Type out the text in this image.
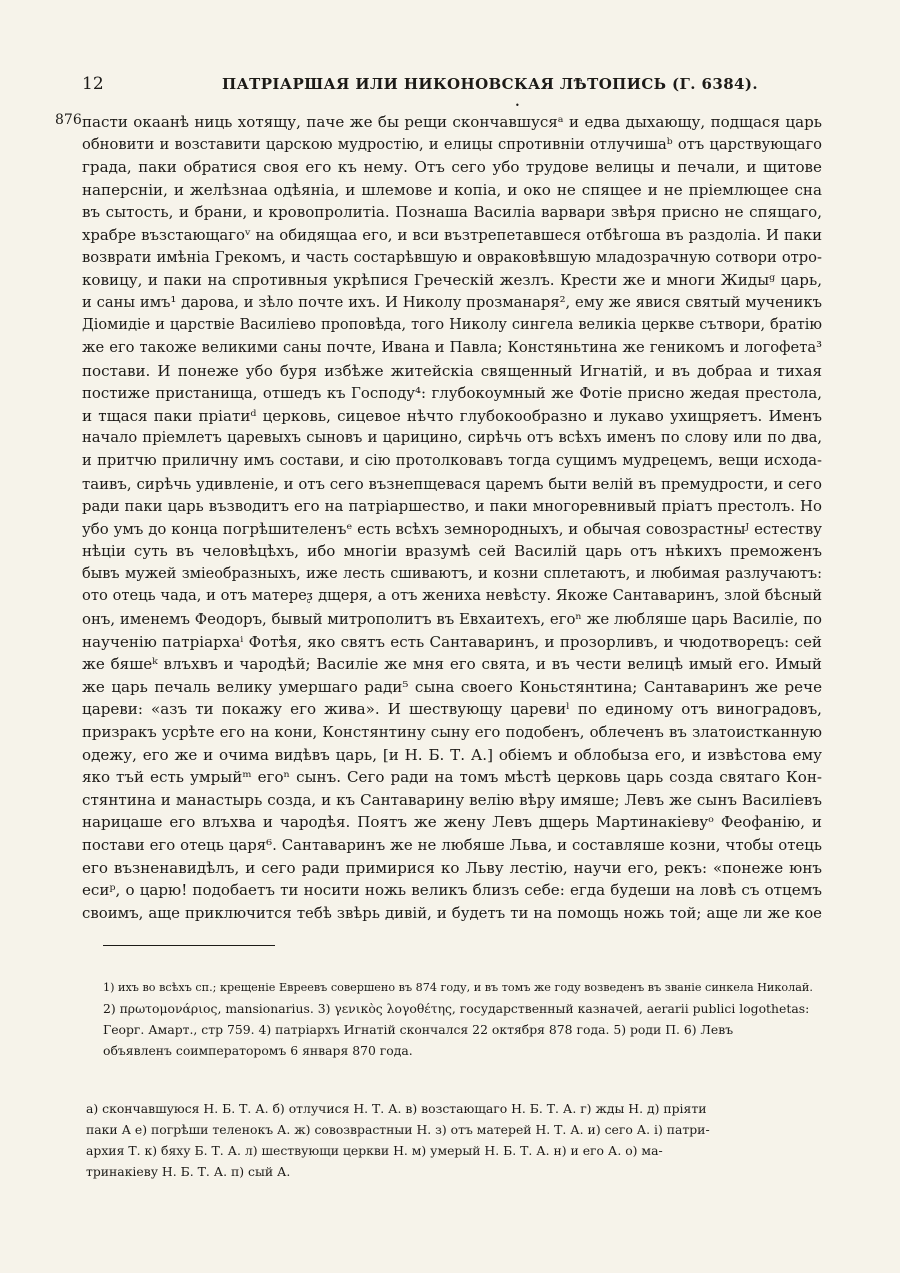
12	ПАТРІАРШАЯ ИЛИ НИКОНОВСКАЯ ЛѢТОПИСЬ (Г. 6384).
•
876 пасти окаанѣ ниць хотящу, паче же бы рещи скончавшусяᵃ и едва дыхающу, подщася царь
обновити и возставити царскою мудростію, и елицы спротивніи отлучишаᵇ отъ царствующаго
града, паки обратися своя его къ нему. Отъ сего убо трудове велицы и печали, и щитове
наперсніи, и желѣзнаа одѣяніа, и шлемове и копіа, и око не спящее и не пріемлющее сна
въ сытость, и брани, и кровопролитіа. Познаша Василіа варвари звѣря присно не спящаго,
храбре възстающагоᵛ на обидящаа его, и вси възтрепетавшеся отбѣгоша въ раздоліа. И паки
возврати имѣніа Грекомъ, и часть состарѣвшую и овраковѣвшую младозрачную сотвори отро-
ковицу, и паки на спротивныя укрѣпися Греческій жезлъ. Крести же и многи Жидыᵍ царь,
и саны имъ¹ дарова, и зѣло почте ихъ. И Николу прозманаря², ему же явися святый мученикъ
Діомидіе и царствіе Василіево проповѣда, того Николу сингела великіа церкве сътвори, братію
же его такоже великими саны почте, Ивана и Павла; Констяньтина же геникомъ и логофета³
постави. И понеже убо буря избѣже житейскіа священный Игнатій, и въ добраа и тихая
постиже пристанища, отшедъ къ Господу⁴: глубокоумный же Фотіе присно жедая престола,
и тщася паки пріатиᵈ церковь, сицевое нѣчто глубокообразно и лукаво ухищряетъ. Именъ
начало пріемлетъ царевыхъ сыновъ и царицино, сирѣчь отъ всѣхъ именъ по слову или по два,
и притчю приличну имъ состави, и сію протолковавъ тогда сущимъ мудрецемъ, вещи исхода-
таивъ, сирѣчь удивленіе, и отъ сего възнепщевася царемъ быти велій въ премудрости, и сего
ради паки царь възводитъ его на патріаршество, и паки многоревнивый пріатъ престолъ. Но
убо умъ до конца погрѣшителенъᵉ есть всѣхъ земнородныхъ, и обычая совозрастныᴶ естеству
нѣціи суть въ человѣцѣхъ, ибо многіи вразумѣ сей Василій царь отъ нѣкихъ преможенъ
бывъ мужей зміеобразныхъ, иже лесть сшиваютъ, и козни сплетаютъ, и любимая разлучаютъ:
ото отець чада, и отъ матереᶚ дщеря, а отъ жениха невѣсту. Якоже Сантаваринъ, злой бѣсный
онъ, именемъ Феодоръ, бывый митрополитъ въ Евхаитехъ, егоⁿ же любляше царь Василіе, по
наученію патріархаⁱ Фотѣя, яко святъ есть Сантаваринъ, и прозорливъ, и чюдотворецъ: сей
же бяшеᵏ влъхвъ и чародѣй; Василіе же мня его свята, и въ чести велицѣ имый его. Имый
же царь печаль велику умершаго ради⁵ сына своего Коньстянтина; Сантаваринъ же рече
цареви: «азъ ти покажу его жива». И шествующу царевиˡ по единому отъ виноградовъ,
призракъ усрѣте его на кони, Констянтину сыну его подобенъ, облеченъ въ златоистканную
одежу, его же и очима видѣвъ царь, [и Н. Б. Т. А.] обіемъ и облобыза его, и извѣстова ему
яко тъй есть умрыйᵐ егоⁿ сынъ. Сего ради на томъ мѣстѣ церковь царь созда святаго Кон-
стянтина и манастырь созда, и къ Сантаварину велію вѣру имяше; Левъ же сынъ Василіевъ
нарицаше его влъхва и чародѣя. Поятъ же жену Левъ дщерь Мартинакіевуᵒ Феофанію, и
постави его отець царя⁶. Сантаваринъ же не любяше Льва, и составляше козни, чтобы отець
его възненавидѣлъ, и сего ради примирися ко Льву лестію, научи его, рекъ: «понеже юнъ
есиᵖ, о царю! подобаетъ ти носити ножь великъ близъ себе: егда будеши на ловѣ съ отцемъ
своимъ, аще приключится тебѣ звѣрь дивій, и будетъ ти на помощь ножь той; аще ли же кое
1) ихъ во всѣхъ сп.; крещеніе Евреевъ совершено въ 874 году, и въ томъ же году возведенъ въ званіе синкела Николай.
2) πρωτομονάριος, mansionarius. 3) γενικὸς λογοθέτης, государственный казначей, aerarii publici logothetas:
Георг. Амарт., стр 759. 4) патріархъ Игнатій скончался 22 октября 878 года. 5) роди П. 6) Левъ
объявленъ соимператоромъ 6 января 870 года.
а) скончавшуюся Н. Б. Т. А. б) отлучися Н. Т. А. в) возстающаго Н. Б. Т. А. г) жды Н. д) пріяти
паки А е) погрѣши теленокъ А. ж) совозврастныи Н. з) отъ матерей Н. Т. А. и) сего А. і) патри-
архия Т. к) бяху Б. Т. А. л) шествующи церкви Н. м) умерый Н. Б. Т. А. н) и его А. о) ма-
тринакіеву Н. Б. Т. А. п) сый А.
